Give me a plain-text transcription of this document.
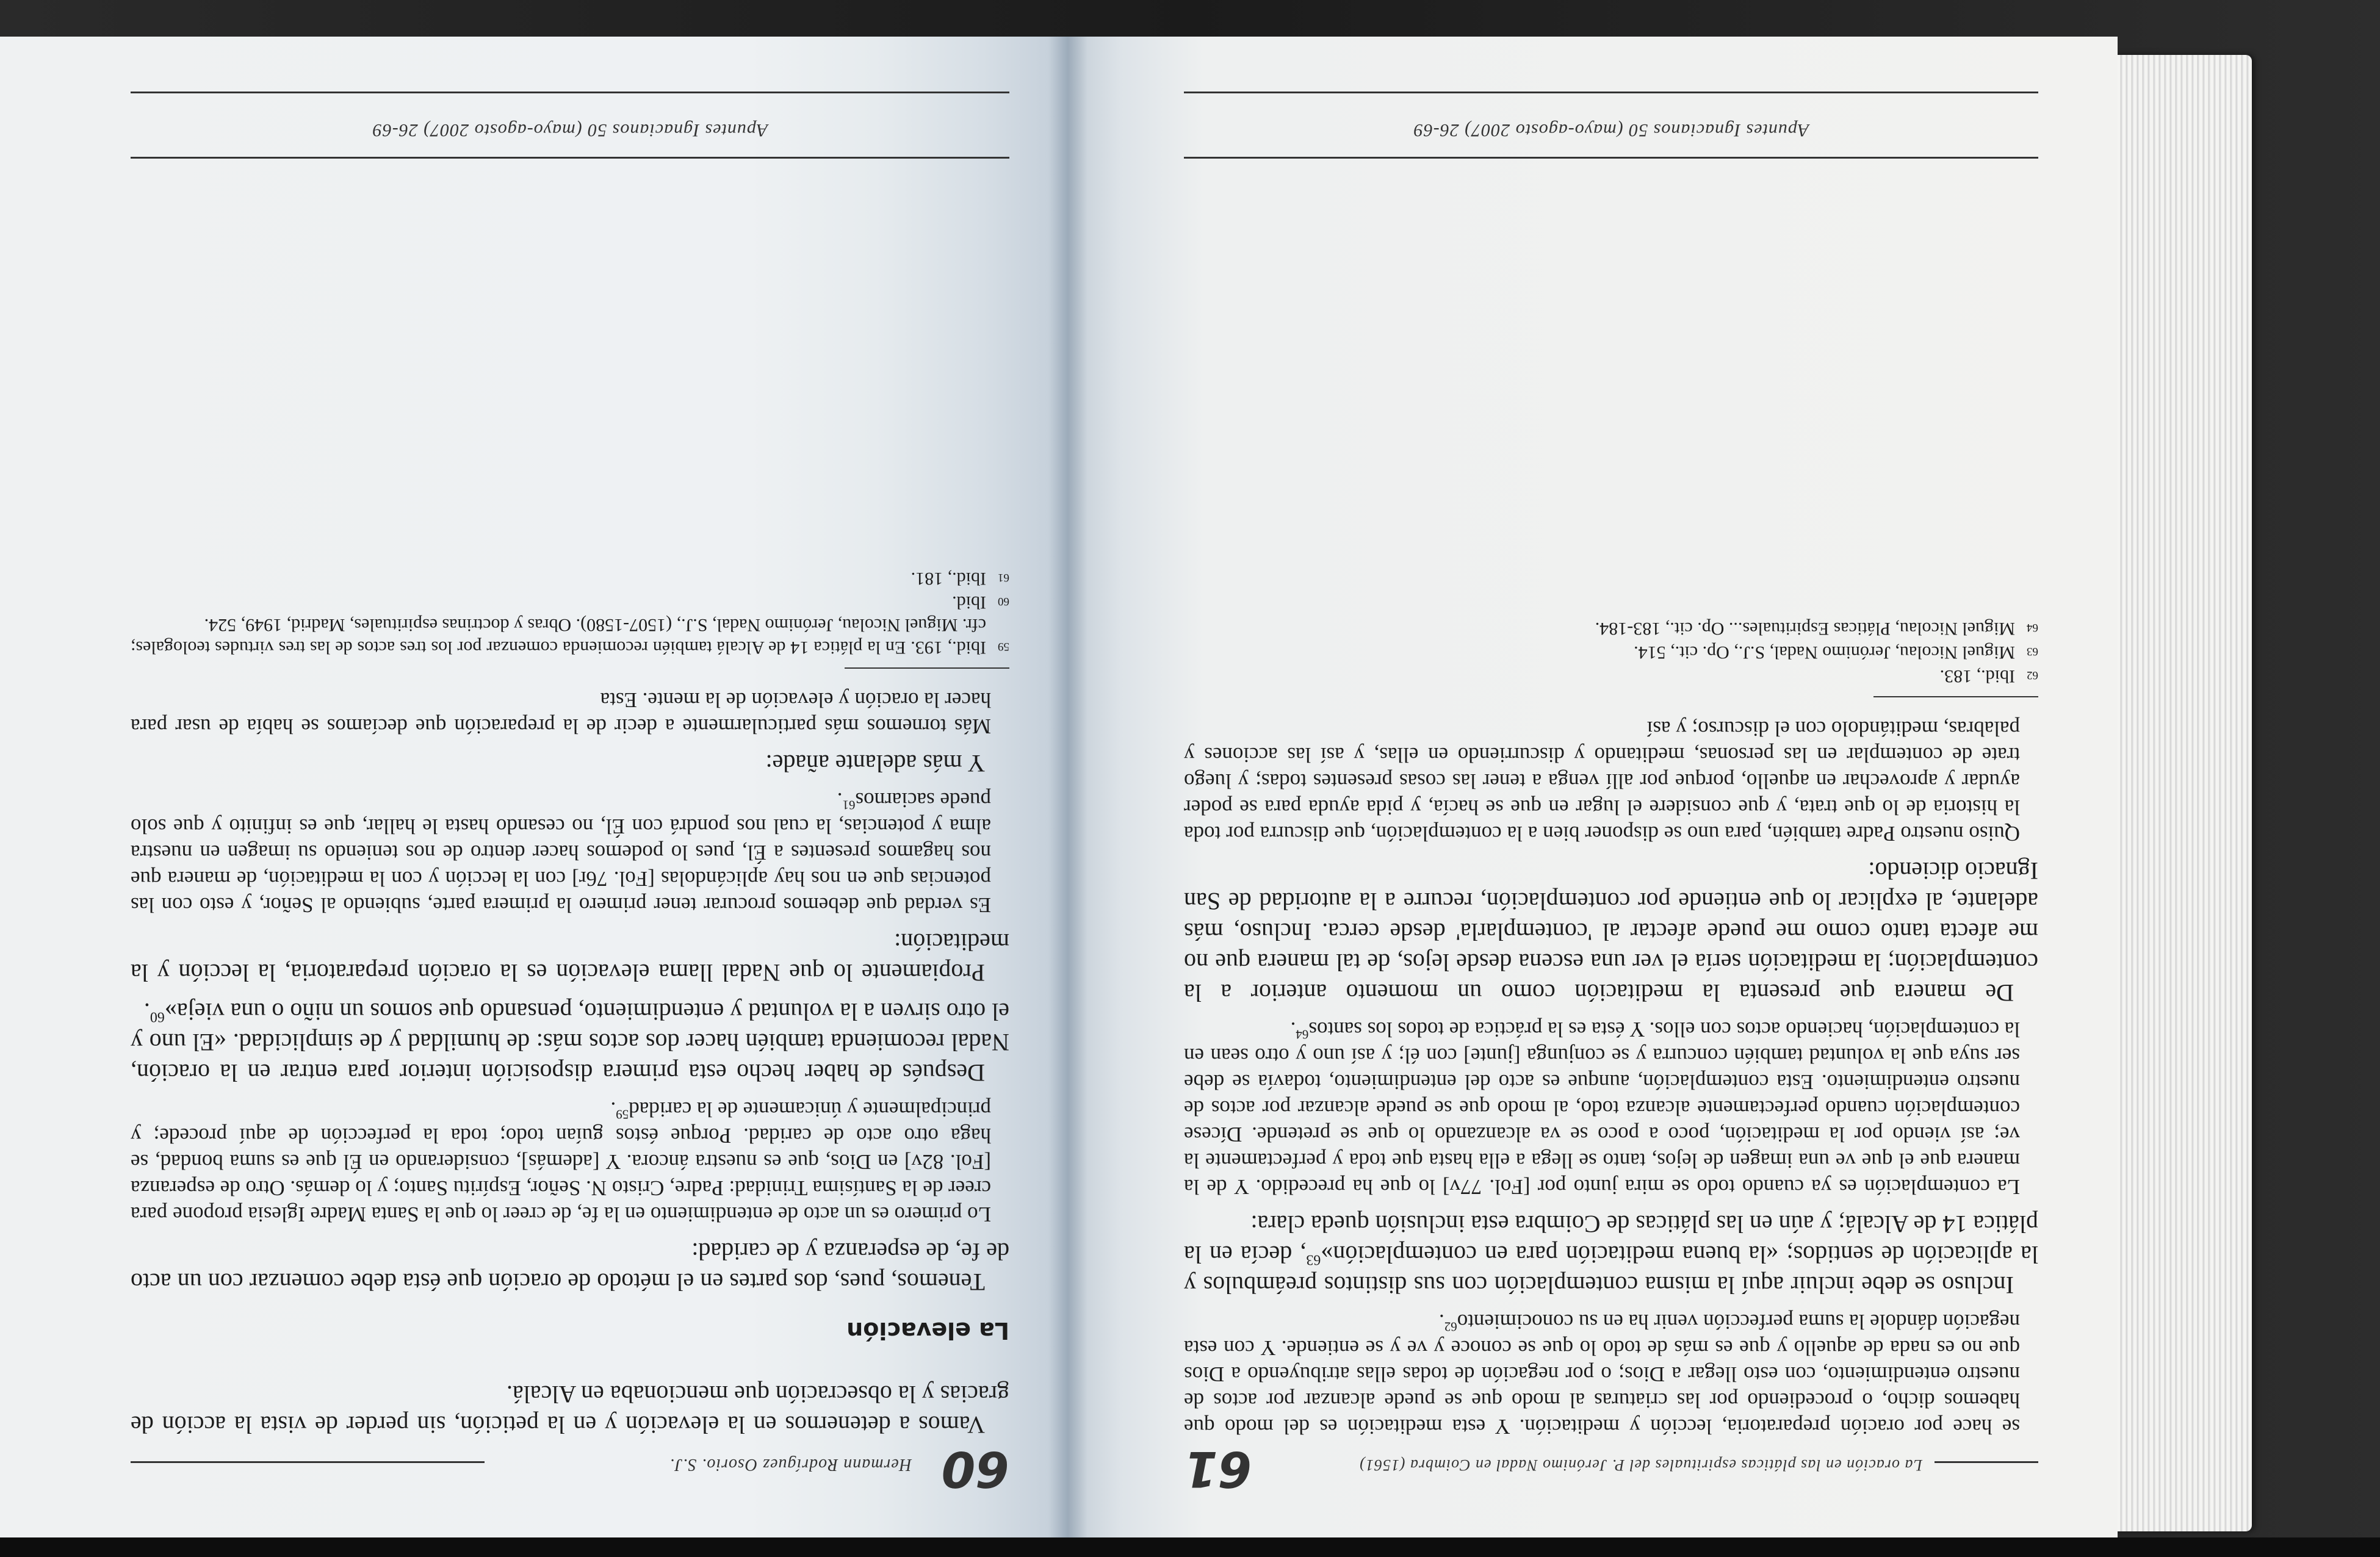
60
Hermann Rodríguez Osorio. S.J.

Vamos a detenernos en la elevación y en la petición, sin perder de vista la acción de gracias y la obsecración que mencionaba en Alcalá.

La elevación

Tenemos, pues, dos partes en el método de oración que ésta debe comenzar con un acto de fe, de esperanza y de caridad:

Lo primero es un acto de entendimiento en la fe, de creer lo que la Santa Madre Iglesia propone para creer de la Santísima Trinidad: Padre, Cristo N. Señor, Espíritu Santo; y lo demás. Otro de esperanza [Fol. 82v] en Dios, que es nuestra áncora. Y [además], considerando en Él que es suma bondad, se haga otro acto de caridad. Porque éstos guían todo; toda la perfección de aquí procede; y principalmente y únicamente de la caridad$^{59}$.

Después de haber hecho esta primera disposición interior para entrar en la oración, Nadal recomienda también hacer dos actos más: de humildad y de simplicidad. «El uno y el otro sirven a la voluntad y entendimiento, pensando que somos un niño o una vieja»$^{60}$.

Propiamente lo que Nadal llama elevación es la oración preparatoria, la lección y la meditación:

Es verdad que debemos procurar tener primero la primera parte, subiendo al Señor, y esto con las potencias que en nos hay aplicándolas [Fol. 76r] con la lección y con la meditación, de manera que nos hagamos presentes a Él, pues lo podemos hacer dentro de nos teniendo su imagen en nuestra alma y potencias, la cual nos pondrá con Él, no cesando hasta le hallar, que es infinito y que solo puede saciarnos$^{61}$.

Y más adelante añade:

Más tornemos más particularmente a decir de la preparación que decíamos se había de usar para hacer la oración y elevación de la mente. Esta
59
Ibid., 193. En la plática 14 de Alcalá también recomienda comenzar por los tres actos de las tres virtudes teologales; cfr. Miguel Nicolau, Jerónimo Nadal, S.J., (1507-1580). Obras y doctrinas espirituales, Madrid, 1949, 524.
60
Ibid.
61
Ibid., 181.
Apuntes Ignacianos 50 (mayo-agosto 2007) 26-69
La oración en las pláticas espirituales del P. Jerónimo Nadal en Coimbra (1561)
61
se hace por oración preparatoria, lección y meditación. Y esta meditación es del modo que habemos dicho, o procediendo por las criaturas al modo que se puede alcanzar por actos de nuestro entendimiento, con esto llegar a Dios; o por negación de todas ellas atribuyendo a Dios que no es nada de aquello y que es más de todo lo que se conoce y ve y se entiende. Y con esta negación dándole la suma perfección venir ha en su conocimiento$^{62}$.

Incluso se debe incluir aquí la misma contemplación con sus distintos preámbulos y la aplicación de sentidos; «la buena meditación para en contemplación»$^{63}$, decía en la plática 14 de Alcalá; y aún en las pláticas de Coimbra esta inclusión queda clara:

La contemplación es ya cuando todo se mira junto por [Fol. 77v] lo que ha precedido. Y de la manera que el que ve una imagen de lejos, tanto se llega a ella hasta que toda y perfectamente la ve; así viendo por la meditación, poco a poco se va alcanzando lo que se pretende. Dícese contemplación cuando perfectamente alcanza todo, al modo que se puede alcanzar por actos de nuestro entendimiento. Esta contemplación, aunque es acto del entendimiento, todavía se debe ser suya que la voluntad también concurra y se conjunga [junte] con él; y así uno y otro sean en la contemplación, haciendo actos con ellos. Y ésta es la práctica de todos los santos$^{64}$.

De manera que presenta la meditación como un momento anterior a la contemplación; la meditación sería el ver una escena desde lejos, de tal manera que no me afecta tanto como me puede afectar al 'contemplarla' desde cerca. Incluso, más adelante, al explicar lo que entiende por contemplación, recurre a la autoridad de San Ignacio diciendo:

Quiso nuestro Padre también, para uno se disponer bien a la contemplación, que discurra por toda la historia de lo que trata, y que considere el lugar en que se hacía, y pida ayuda para se poder ayudar y aprovechar en aquello, porque por allí venga a tener las cosas presentes todas; y luego trate de contemplar en las personas, meditando y discurriendo en ellas, y así las acciones y palabras, meditándolo con el discurso; y así
62
Ibid., 183.
63
Miguel Nicolau, Jerónimo Nadal, S.J., Op. cit., 514.
64
Miguel Nicolau, Pláticas Espirituales... Op. cit., 183-184.
Apuntes Ignacianos 50 (mayo-agosto 2007) 26-69
